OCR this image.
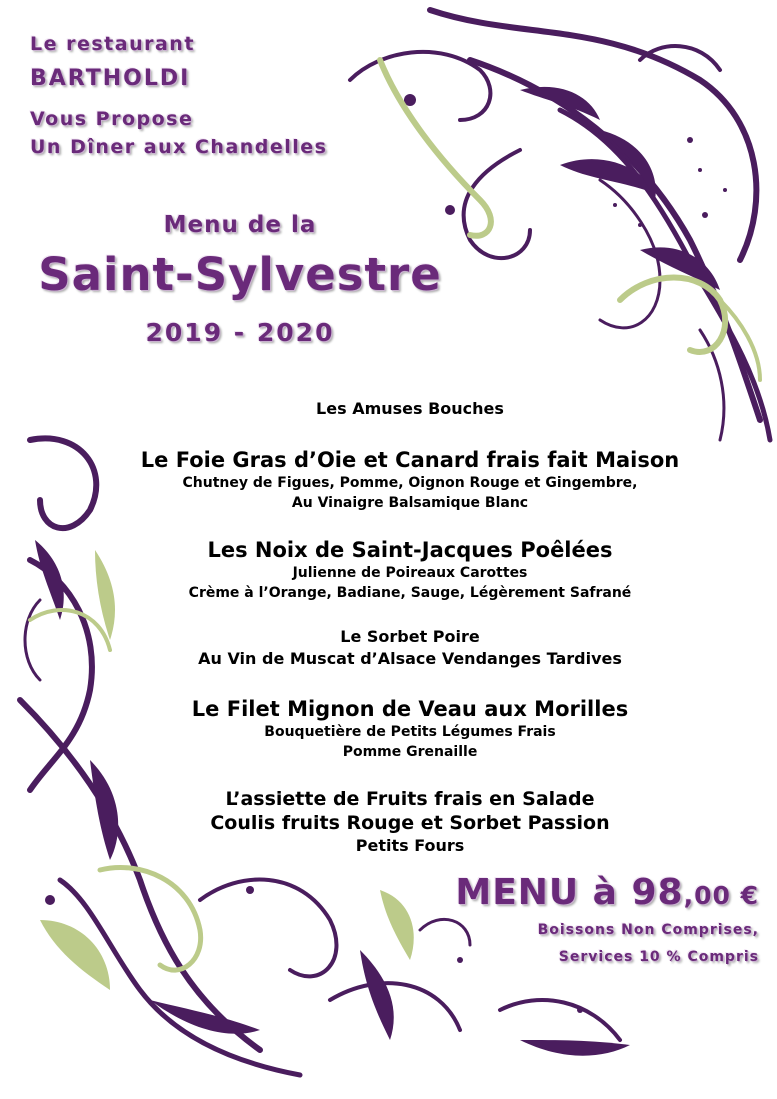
Le restaurant
BARTHOLDI
Vous Propose
Un Dîner aux Chandelles
Menu de la
Saint-Sylvestre
2019 - 2020
Les Amuses Bouches
Le Foie Gras d’Oie et Canard frais fait Maison
Chutney de Figues, Pomme, Oignon Rouge et Gingembre,
Au Vinaigre Balsamique Blanc
Les Noix de Saint-Jacques Poêlées
Julienne de Poireaux Carottes
Crème à l’Orange, Badiane, Sauge, Légèrement Safrané
Le Sorbet Poire
Au Vin de Muscat d’Alsace Vendanges Tardives
Le Filet Mignon de Veau aux Morilles
Bouquetière de Petits Légumes Frais
Pomme Grenaille
L’assiette de Fruits frais en Salade
Coulis fruits Rouge et Sorbet Passion
Petits Fours
MENU à 98,00 €
Boissons Non Comprises,
Services 10 % Compris
